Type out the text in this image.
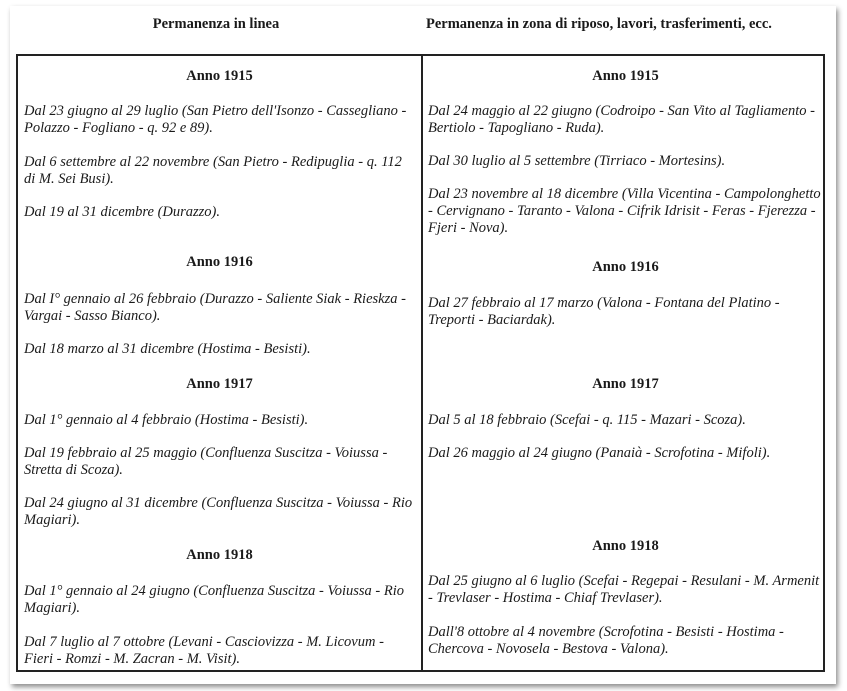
Permanenza in linea	Permanenza in zona di riposo, lavori, trasferimenti, ecc.
Anno 1915
Dal 23 giugno al 29 luglio (San Pietro dell'Isonzo - Cassegliano - Polazzo - Fogliano - q. 92 e 89).
Dal 6 settembre al 22 novembre (San Pietro - Redipuglia - q. 112 di M. Sei Busi).
Dal 19 al 31 dicembre (Durazzo).
Anno 1916
Dal I° gennaio al 26 febbraio (Durazzo - Saliente Siak - Rieskza - Vargai - Sasso Bianco).
Dal 18 marzo al 31 dicembre (Hostima - Besisti).
Anno 1917
Dal 1° gennaio al 4 febbraio (Hostima - Besisti).
Dal 19 febbraio al 25 maggio (Confluenza Suscitza - Voiussa - Stretta di Scoza).
Dal 24 giugno al 31 dicembre (Confluenza Suscitza - Voiussa - Rio Magiari).
Anno 1918
Dal 1° gennaio al 24 giugno (Confluenza Suscitza - Voiussa - Rio Magiari).
Dal 7 luglio al 7 ottobre (Levani - Casciovizza - M. Licovum - Fieri - Romzi - M. Zacran - M. Visit).
Anno 1915
Dal 24 maggio al 22 giugno (Codroipo - San Vito al Tagliamento - Bertiolo - Tapogliano - Ruda).
Dal 30 luglio al 5 settembre (Tirriaco - Mortesins).
Dal 23 novembre al 18 dicembre (Villa Vicentina - Campolonghetto - Cervignano - Taranto - Valona - Cifrik Idrisit - Feras - Fjerezza - Fjeri - Nova).
Anno 1916
Dal 27 febbraio al 17 marzo (Valona - Fontana del Platino - Treporti - Baciardak).
Anno 1917
Dal 5 al 18 febbraio (Scefai - q. 115 - Mazari - Scoza).
Dal 26 maggio al 24 giugno (Panaià - Scrofotina - Mifoli).
Anno 1918
Dal 25 giugno al 6 luglio (Scefai - Regepai - Resulani - M. Armenit - Trevlaser - Hostima - Chiaf Trevlaser).
Dall'8 ottobre al 4 novembre (Scrofotina - Besisti - Hostima - Chercova - Novosela - Bestova - Valona).
